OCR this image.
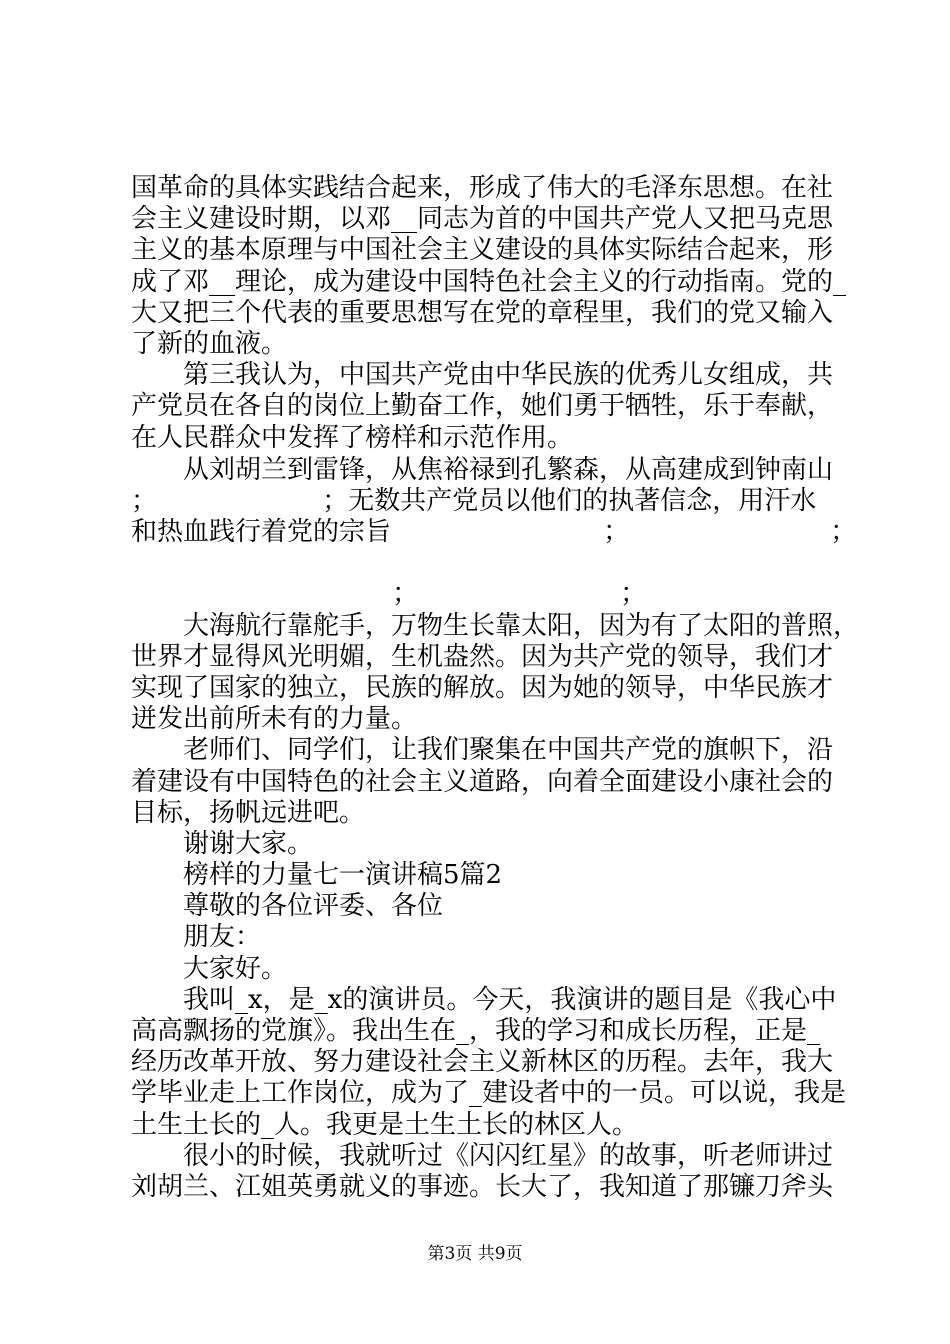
国革命的具体实践结合起来，形成了伟大的毛泽东思想。在社
会主义建设时期，以邓__同志为首的中国共产党人又把马克思
主义的基本原理与中国社会主义建设的具体实际结合起来，形
成了邓__理论，成为建设中国特色社会主义的行动指南。党的_
大又把三个代表的重要思想写在党的章程里，我们的党又输入
了新的血液。
第三我认为，中国共产党由中华民族的优秀儿女组成，共
产党员在各自的岗位上勤奋工作，她们勇于牺牲，乐于奉献，
在人民群众中发挥了榜样和示范作用。
从刘胡兰到雷锋，从焦裕禄到孔繁森，从高建成到钟南山
；                    ；无数共产党员以他们的执著信念，用汗水
和热血践行着党的宗旨	；	；
；	；
大海航行靠舵手，万物生长靠太阳，因为有了太阳的普照，
世界才显得风光明媚，生机盎然。因为共产党的领导，我们才
实现了国家的独立，民族的解放。因为她的领导，中华民族才
迸发出前所未有的力量。
老师们、同学们，让我们聚集在中国共产党的旗帜下，沿
着建设有中国特色的社会主义道路，向着全面建设小康社会的
目标，扬帆远进吧。
谢谢大家。
榜样的力量七一演讲稿5篇2
尊敬的各位评委、各位
朋友：
大家好。
我叫_x，是_x的演讲员。今天，我演讲的题目是《我心中
高高飘扬的党旗》。我出生在_，我的学习和成长历程，正是_
经历改革开放、努力建设社会主义新林区的历程。去年，我大
学毕业走上工作岗位，成为了_建设者中的一员。可以说，我是
土生土长的_人。我更是土生土长的林区人。
很小的时候，我就听过《闪闪红星》的故事，听老师讲过
刘胡兰、江姐英勇就义的事迹。长大了，我知道了那镰刀斧头
第3页 共9页
